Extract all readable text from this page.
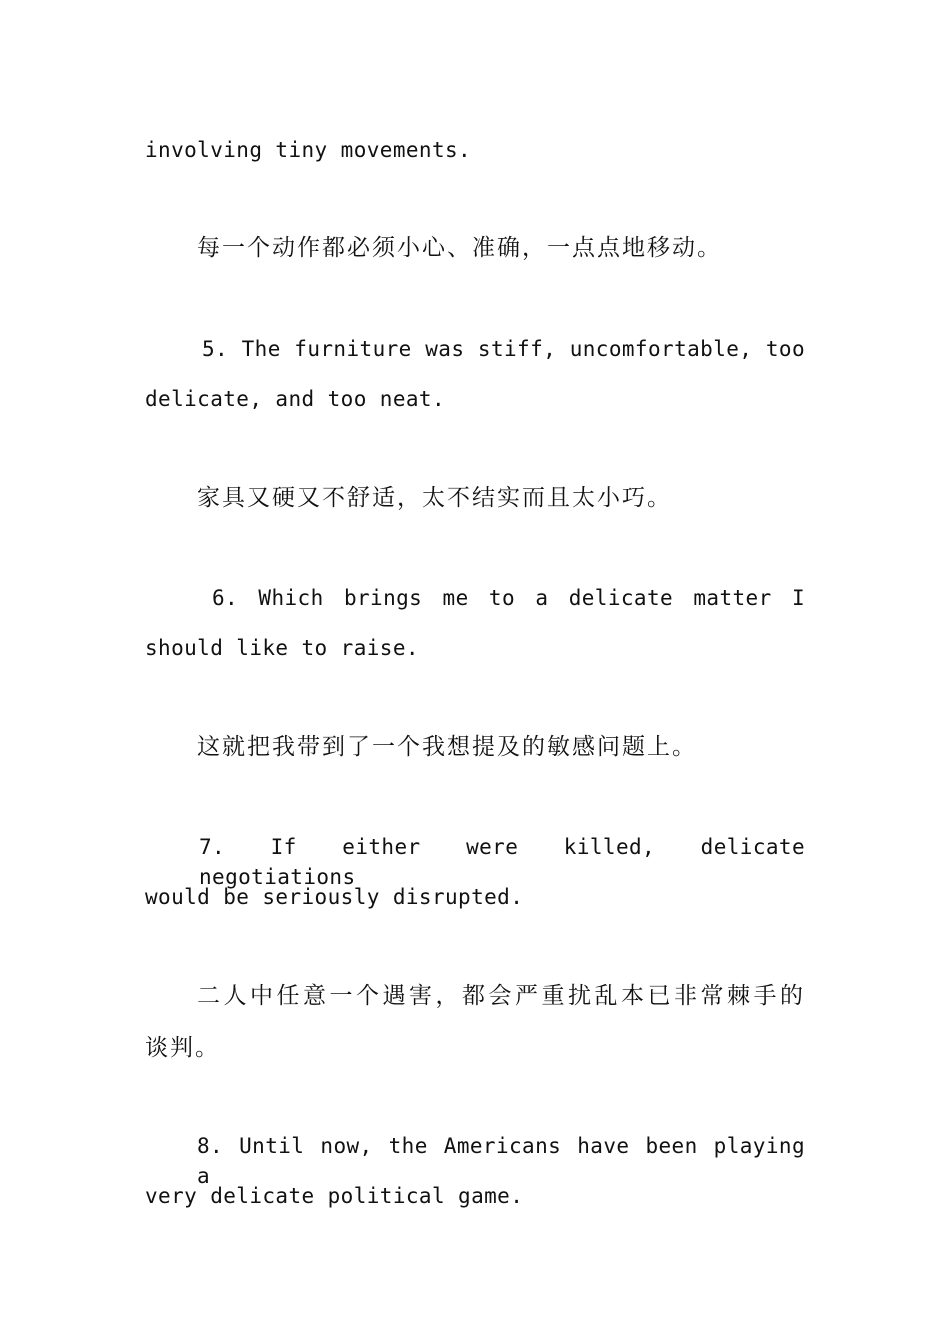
involving tiny movements.
每一个动作都必须小心、准确，一点点地移动。
5. The furniture was stiff, uncomfortable, too
delicate, and too neat.
家具又硬又不舒适，太不结实而且太小巧。
6. Which brings me to a delicate matter I
should like to raise.
这就把我带到了一个我想提及的敏感问题上。
7. If either were killed, delicate negotiations
would be seriously disrupted.
二人中任意一个遇害，都会严重扰乱本已非常棘手的
谈判。
8. Until now, the Americans have been playing a
very delicate political game.
